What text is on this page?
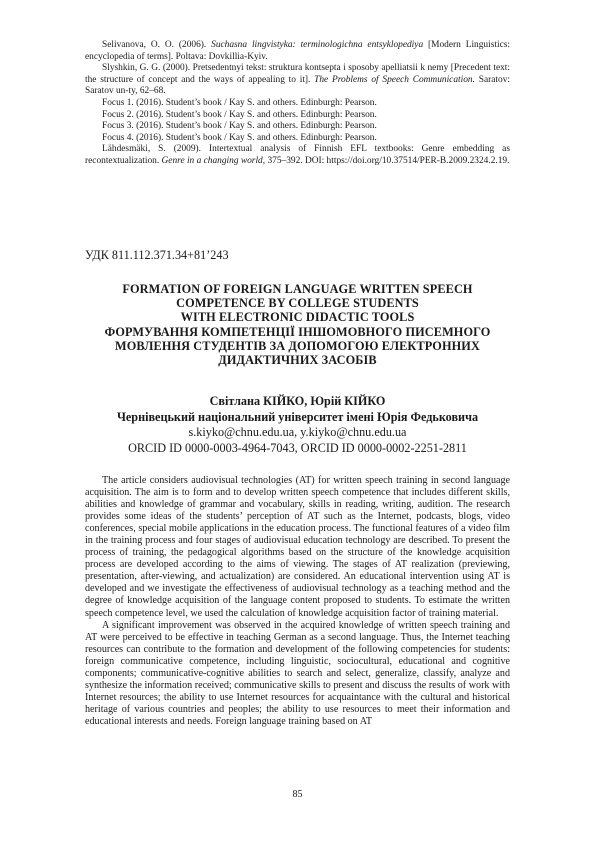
Selivanova, O. O. (2006). Suchasna lingvistyka: terminologichna entsyklopediya [Modern Linguistics: encyclopedia of terms]. Poltava: Dovkillia-Kyiv.
Slyshkin, G. G. (2000). Pretsedentnyi tekst: struktura kontsepta i sposoby apelliatsii k nemy [Precedent text: the structure of concept and the ways of appealing to it]. The Problems of Speech Communication. Saratov: Saratov un-ty, 62–68.
Focus 1. (2016). Student’s book / Kay S. and others. Edinburgh: Pearson.
Focus 2. (2016). Student’s book / Kay S. and others. Edinburgh: Pearson.
Focus 3. (2016). Student’s book / Kay S. and others. Edinburgh: Pearson.
Focus 4. (2016). Student’s book / Kay S. and others. Edinburgh: Pearson.
Lähdesmäki, S. (2009). Intertextual analysis of Finnish EFL textbooks: Genre embedding as recontextualization. Genre in a changing world, 375–392. DOI: https://doi.org/10.37514/PER-B.2009.2324.2.19.
УДК 811.112.371.34+81’243
FORMATION OF FOREIGN LANGUAGE WRITTEN SPEECH
COMPETENCE BY COLLEGE STUDENTS
WITH ELECTRONIC DIDACTIC TOOLS
ФОРМУВАННЯ КОМПЕТЕНЦІЇ ІНШОМОВНОГО ПИСЕМНОГО
МОВЛЕННЯ СТУДЕНТІВ ЗА ДОПОМОГОЮ ЕЛЕКТРОННИХ
ДИДАКТИЧНИХ ЗАСОБІВ
Світлана КІЙКО, Юрій КІЙКО
Чернівецький національний університет імені Юрія Федьковича
s.kiyko@chnu.edu.ua, y.kiyko@chnu.edu.ua
ORCID ID 0000-0003-4964-7043, ORCID ID 0000-0002-2251-2811

The article considers audiovisual technologies (AT) for written speech training in second language acquisition. The aim is to form and to develop written speech competence that includes different skills, abilities and knowledge of grammar and vocabulary, skills in reading, writing, audition. The research provides some ideas of the students’ perception of AT such as the Internet, podcasts, blogs, video conferences, special mobile applications in the education process. The functional features of a video film in the training process and four stages of audiovisual education technology are described. To present the process of training, the pedagogical algorithms based on the structure of the knowledge acquisition process are developed according to the aims of viewing. The stages of AT realization (previewing, presentation, after-viewing, and actualization) are considered. An educational intervention using AT is developed and we investigate the effectiveness of audiovisual technology as a teaching method and the degree of knowledge acquisition of the language content proposed to students. To estimate the written speech competence level, we used the calculation of knowledge acquisition factor of training material.

A significant improvement was observed in the acquired knowledge of written speech training and AT were perceived to be effective in teaching German as a second language. Thus, the Internet teaching resources can contribute to the formation and development of the following competencies for students: foreign communicative competence, including linguistic, sociocultural, educational and cognitive components; communicative-cognitive abilities to search and select, generalize, classify, analyze and synthesize the information received; communicative skills to present and discuss the results of work with Internet resources; the ability to use Internet resources for acquaintance with the cultural and historical heritage of various countries and peoples; the ability to use resources to meet their information and educational interests and needs. Foreign language training based on AT

85
